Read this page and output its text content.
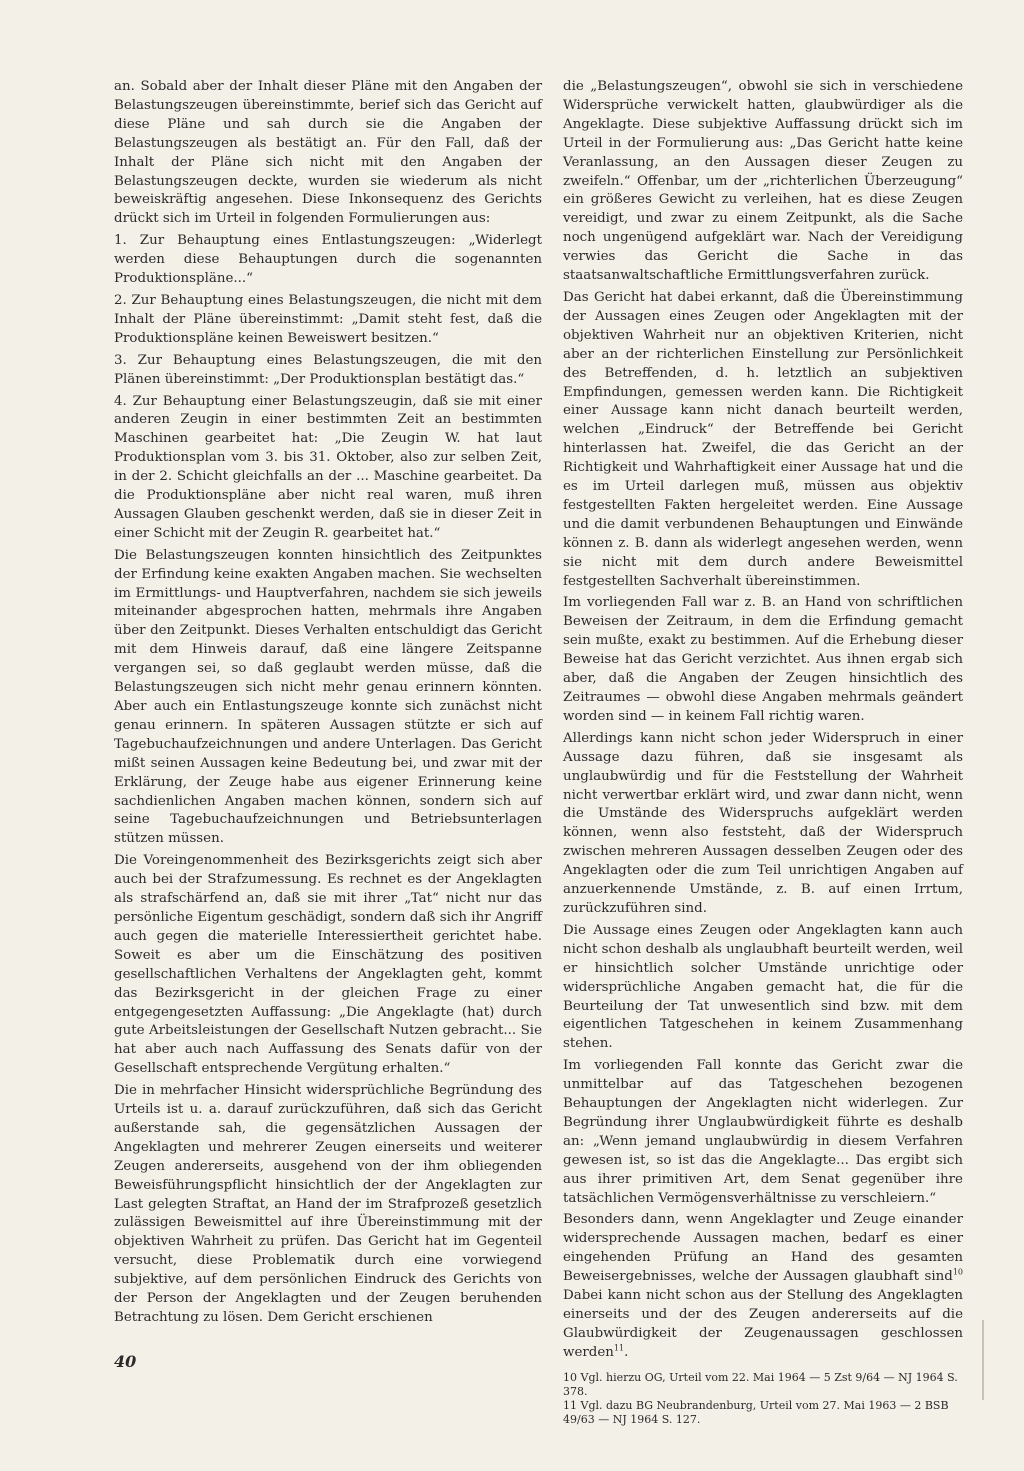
an. Sobald aber der Inhalt dieser Pläne mit den Angaben der Belastungszeugen übereinstimmte, berief sich das Gericht auf diese Pläne und sah durch sie die Angaben der Belastungszeugen als bestätigt an. Für den Fall, daß der Inhalt der Pläne sich nicht mit den Angaben der Belastungszeugen deckte, wurden sie wiederum als nicht beweiskräftig angesehen. Diese Inkonsequenz des Gerichts drückt sich im Urteil in folgenden Formulierungen aus:

1. Zur Behauptung eines Entlastungszeugen: „Widerlegt werden diese Behauptungen durch die sogenannten Produktionspläne...“

2. Zur Behauptung eines Belastungszeugen, die nicht mit dem Inhalt der Pläne übereinstimmt: „Damit steht fest, daß die Produktionspläne keinen Beweiswert besitzen.“

3. Zur Behauptung eines Belastungszeugen, die mit den Plänen übereinstimmt: „Der Produktionsplan bestätigt das.“

4. Zur Behauptung einer Belastungszeugin, daß sie mit einer anderen Zeugin in einer bestimmten Zeit an bestimmten Maschinen gearbeitet hat: „Die Zeugin W. hat laut Produktionsplan vom 3. bis 31. Oktober, also zur selben Zeit, in der 2. Schicht gleichfalls an der ... Maschine gearbeitet. Da die Produktionspläne aber nicht real waren, muß ihren Aussagen Glauben geschenkt werden, daß sie in dieser Zeit in einer Schicht mit der Zeugin R. gearbeitet hat.“

Die Belastungszeugen konnten hinsichtlich des Zeitpunktes der Erfindung keine exakten Angaben machen. Sie wechselten im Ermittlungs- und Hauptverfahren, nachdem sie sich jeweils miteinander abgesprochen hatten, mehrmals ihre Angaben über den Zeitpunkt. Dieses Verhalten entschuldigt das Gericht mit dem Hinweis darauf, daß eine längere Zeitspanne vergangen sei, so daß geglaubt werden müsse, daß die Belastungszeugen sich nicht mehr genau erinnern könnten. Aber auch ein Entlastungszeuge konnte sich zunächst nicht genau erinnern. In späteren Aussagen stützte er sich auf Tagebuchaufzeichnungen und andere Unterlagen. Das Gericht mißt seinen Aussagen keine Bedeutung bei, und zwar mit der Erklärung, der Zeuge habe aus eigener Erinnerung keine sachdienlichen Angaben machen können, sondern sich auf seine Tagebuchaufzeichnungen und Betriebsunterlagen stützen müssen.

Die Voreingenommenheit des Bezirksgerichts zeigt sich aber auch bei der Strafzumessung. Es rechnet es der Angeklagten als strafschärfend an, daß sie mit ihrer „Tat“ nicht nur das persönliche Eigentum geschädigt, sondern daß sich ihr Angriff auch gegen die materielle Interessiertheit gerichtet habe. Soweit es aber um die Einschätzung des positiven gesellschaftlichen Verhaltens der Angeklagten geht, kommt das Bezirksgericht in der gleichen Frage zu einer entgegengesetzten Auffassung: „Die Angeklagte (hat) durch gute Arbeitsleistungen der Gesellschaft Nutzen gebracht... Sie hat aber auch nach Auffassung des Senats dafür von der Gesellschaft entsprechende Vergütung erhalten.“

Die in mehrfacher Hinsicht widersprüchliche Begründung des Urteils ist u. a. darauf zurückzuführen, daß sich das Gericht außerstande sah, die gegensätzlichen Aussagen der Angeklagten und mehrerer Zeugen einerseits und weiterer Zeugen andererseits, ausgehend von der ihm obliegenden Beweisführungspflicht hinsichtlich der der Angeklagten zur Last gelegten Straftat, an Hand der im Strafprozeß gesetzlich zulässigen Beweismittel auf ihre Übereinstimmung mit der objektiven Wahrheit zu prüfen. Das Gericht hat im Gegenteil versucht, diese Problematik durch eine vorwiegend subjektive, auf dem persönlichen Eindruck des Gerichts von der Person der Angeklagten und der Zeugen beruhenden Betrachtung zu lösen. Dem Gericht erschienen

die „Belastungszeugen“, obwohl sie sich in verschiedene Widersprüche verwickelt hatten, glaubwürdiger als die Angeklagte. Diese subjektive Auffassung drückt sich im Urteil in der Formulierung aus: „Das Gericht hatte keine Veranlassung, an den Aussagen dieser Zeugen zu zweifeln.“ Offenbar, um der „richterlichen Überzeugung“ ein größeres Gewicht zu verleihen, hat es diese Zeugen vereidigt, und zwar zu einem Zeitpunkt, als die Sache noch ungenügend aufgeklärt war. Nach der Vereidigung verwies das Gericht die Sache in das staatsanwaltschaftliche Ermittlungsverfahren zurück.

Das Gericht hat dabei erkannt, daß die Übereinstimmung der Aussagen eines Zeugen oder Angeklagten mit der objektiven Wahrheit nur an objektiven Kriterien, nicht aber an der richterlichen Einstellung zur Persönlichkeit des Betreffenden, d. h. letztlich an subjektiven Empfindungen, gemessen werden kann. Die Richtigkeit einer Aussage kann nicht danach beurteilt werden, welchen „Eindruck“ der Betreffende bei Gericht hinterlassen hat. Zweifel, die das Gericht an der Richtigkeit und Wahrhaftigkeit einer Aussage hat und die es im Urteil darlegen muß, müssen aus objektiv festgestellten Fakten hergeleitet werden. Eine Aussage und die damit verbundenen Behauptungen und Einwände können z. B. dann als widerlegt angesehen werden, wenn sie nicht mit dem durch andere Beweismittel festgestellten Sachverhalt übereinstimmen.

Im vorliegenden Fall war z. B. an Hand von schriftlichen Beweisen der Zeitraum, in dem die Erfindung gemacht sein mußte, exakt zu bestimmen. Auf die Erhebung dieser Beweise hat das Gericht verzichtet. Aus ihnen ergab sich aber, daß die Angaben der Zeugen hinsichtlich des Zeitraumes — obwohl diese Angaben mehrmals geändert worden sind — in keinem Fall richtig waren.

Allerdings kann nicht schon jeder Widerspruch in einer Aussage dazu führen, daß sie insgesamt als unglaubwürdig und für die Feststellung der Wahrheit nicht verwertbar erklärt wird, und zwar dann nicht, wenn die Umstände des Widerspruchs aufgeklärt werden können, wenn also feststeht, daß der Widerspruch zwischen mehreren Aussagen desselben Zeugen oder des Angeklagten oder die zum Teil unrichtigen Angaben auf anzuerkennende Umstände, z. B. auf einen Irrtum, zurückzuführen sind.

Die Aussage eines Zeugen oder Angeklagten kann auch nicht schon deshalb als unglaubhaft beurteilt werden, weil er hinsichtlich solcher Umstände unrichtige oder widersprüchliche Angaben gemacht hat, die für die Beurteilung der Tat unwesentlich sind bzw. mit dem eigentlichen Tatgeschehen in keinem Zusammenhang stehen.

Im vorliegenden Fall konnte das Gericht zwar die unmittelbar auf das Tatgeschehen bezogenen Behauptungen der Angeklagten nicht widerlegen. Zur Begründung ihrer Unglaubwürdigkeit führte es deshalb an: „Wenn jemand unglaubwürdig in diesem Verfahren gewesen ist, so ist das die Angeklagte... Das ergibt sich aus ihrer primitiven Art, dem Senat gegenüber ihre tatsächlichen Vermögensverhältnisse zu verschleiern.“

Besonders dann, wenn Angeklagter und Zeuge einander widersprechende Aussagen machen, bedarf es einer eingehenden Prüfung an Hand des gesamten Beweisergebnisses, welche der Aussagen glaubhaft sind$^{10}$ Dabei kann nicht schon aus der Stellung des Angeklagten einerseits und der des Zeugen andererseits auf die Glaubwürdigkeit der Zeugenaussagen geschlossen werden$^{11}$.

10 Vgl. hierzu OG, Urteil vom 22. Mai 1964 — 5 Zst 9/64 — NJ 1964 S. 378.

11 Vgl. dazu BG Neubrandenburg, Urteil vom 27. Mai 1963 — 2 BSB 49/63 — NJ 1964 S. 127.

40
